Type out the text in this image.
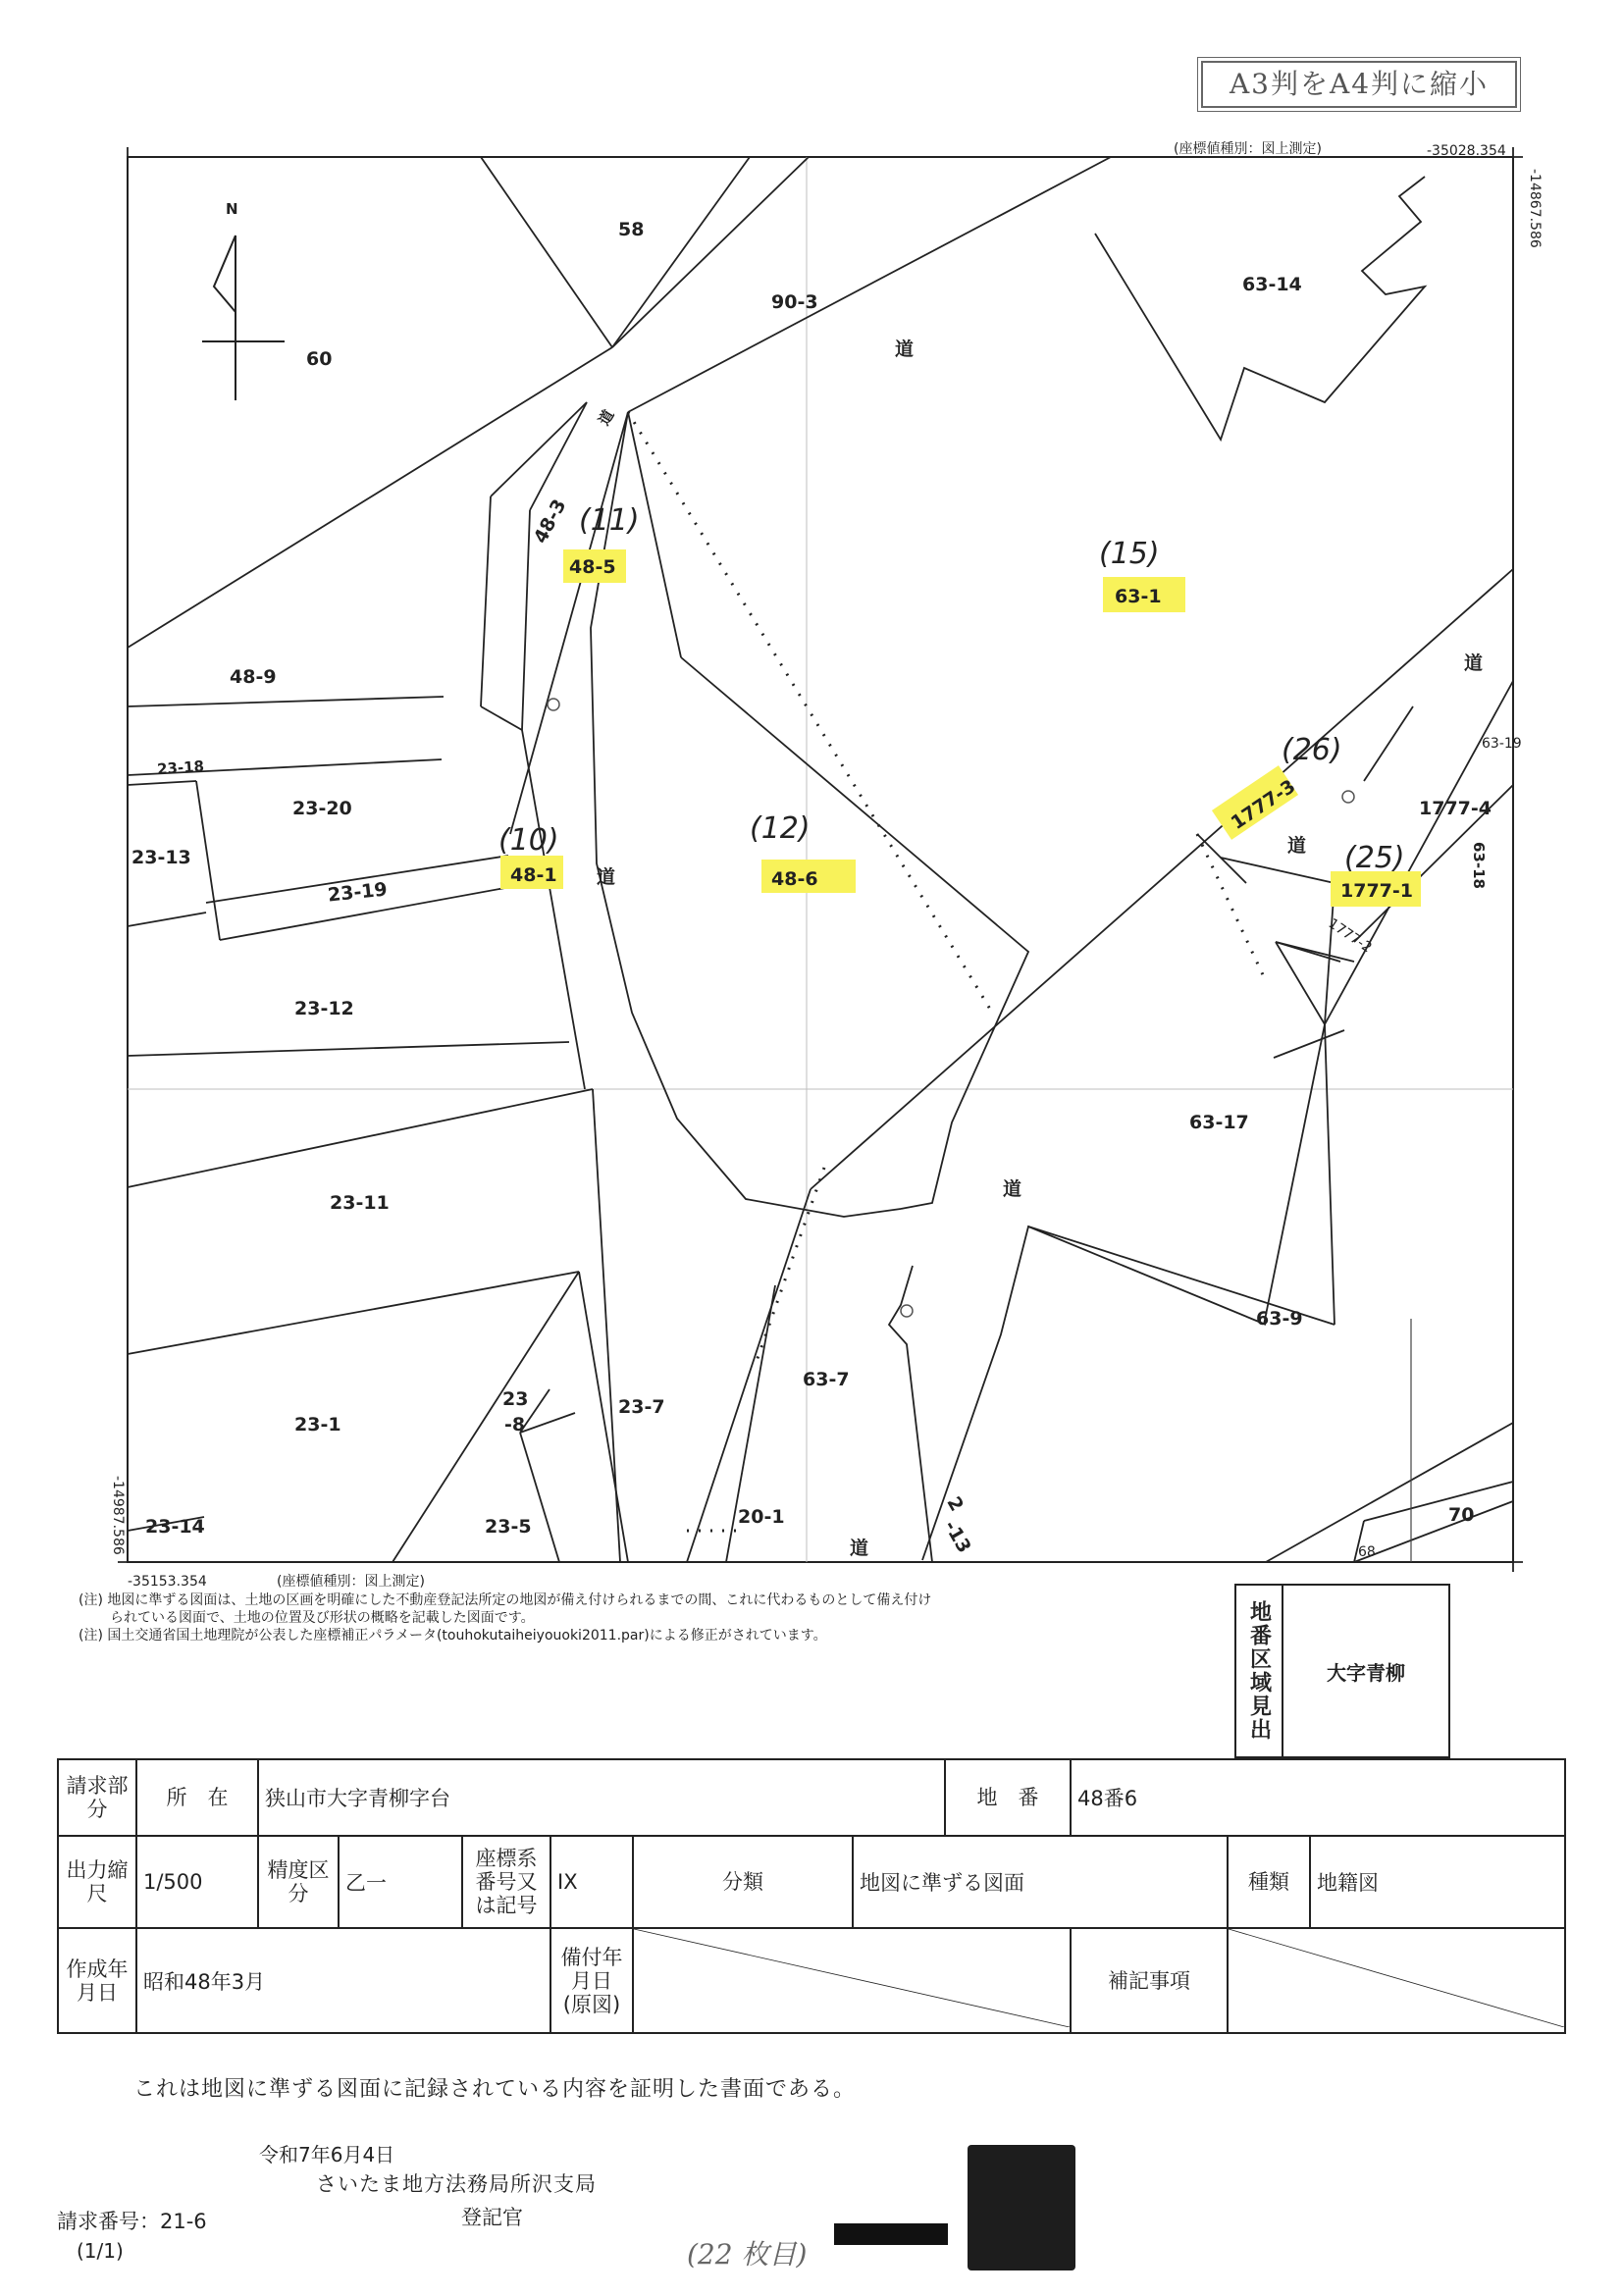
A3判をA4判に縮小
N
58
60
90-3
63-14
48-3
48-5
63-1
48-9
23-18
23-20
23-13
23-19
48-1	48-6
1777-3	1777-4
1777-1
63-19
63-18
1777-2
23-12
63-17
23-11
63-9
23
-8
23-7
63-7
23-1
23-14	23-5	20-1
2
-13
70
68
道
道
道
道
道
道
道
(11)
(15)
(26)
(10)	(12)
(25)
(座標値種別：図上測定)	-35028.354
-14867.586
-35153.354	(座標値種別：図上測定)
-14987.586
(注) 地図に準ずる図面は、土地の区画を明確にした不動産登記法所定の地図が備え付けられるまでの間、これに代わるものとして備え付け
られている図面で、土地の位置及び形状の概略を記載した図面です。
(注) 国土交通省国土地理院が公表した座標補正パラメータ(touhokutaiheiyouoki2011.par)による修正がされています。	地番区域見出	大字青柳
請求部分	所　在	狭山市大字青柳字台						地　番	48番6		
出力縮尺	1/500	精度区分	乙一	座標系番号又は記号	IX	分類	地図に準ずる図面			種類	地籍図
作成年月日	昭和48年3月				備付年月日(原図)				補記事項	
これは地図に準ずる図面に記録されている内容を証明した書面である。
令和7年6月4日
さいたま地方法務局所沢支局
登記官
請求番号：21-6
(1/1)	(22 枚目)
